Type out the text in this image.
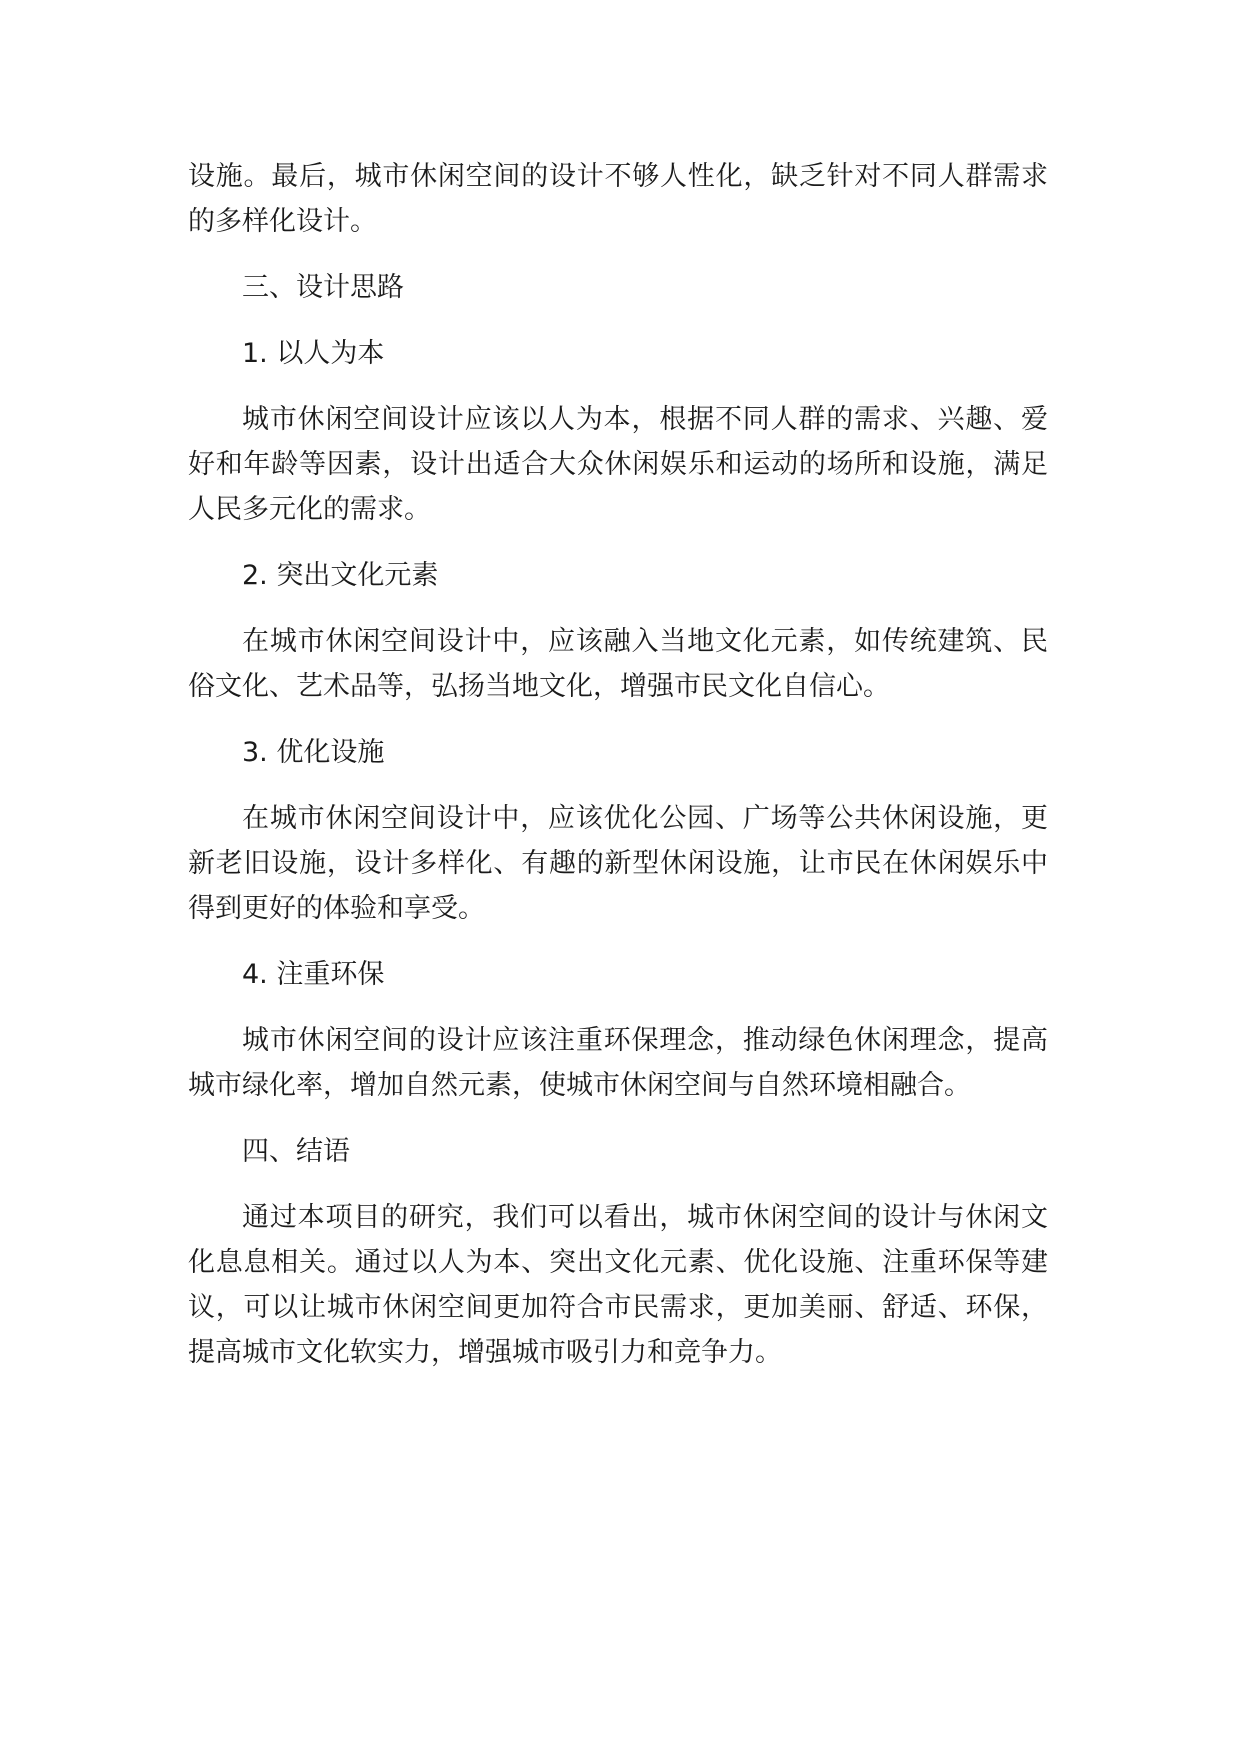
设施。最后，城市休闲空间的设计不够人性化，缺乏针对不同人群需求的多样化设计。

三、设计思路

1. 以人为本

城市休闲空间设计应该以人为本，根据不同人群的需求、兴趣、爱好和年龄等因素，设计出适合大众休闲娱乐和运动的场所和设施，满足人民多元化的需求。

2. 突出文化元素

在城市休闲空间设计中，应该融入当地文化元素，如传统建筑、民俗文化、艺术品等，弘扬当地文化，增强市民文化自信心。

3. 优化设施

在城市休闲空间设计中，应该优化公园、广场等公共休闲设施，更新老旧设施，设计多样化、有趣的新型休闲设施，让市民在休闲娱乐中得到更好的体验和享受。

4. 注重环保

城市休闲空间的设计应该注重环保理念，推动绿色休闲理念，提高城市绿化率，增加自然元素，使城市休闲空间与自然环境相融合。

四、结语

通过本项目的研究，我们可以看出，城市休闲空间的设计与休闲文化息息相关。通过以人为本、突出文化元素、优化设施、注重环保等建议，可以让城市休闲空间更加符合市民需求，更加美丽、舒适、环保，提高城市文化软实力，增强城市吸引力和竞争力。
